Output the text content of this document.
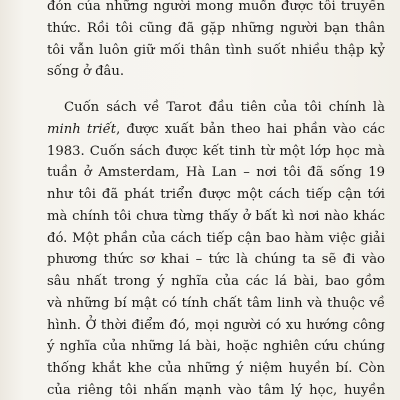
đón của những người mong muốn được tôi truyền
thức. Rồi tôi cũng đã gặp những người bạn thân
tôi vẫn luôn giữ mối thân tình suốt nhiều thập kỷ
sống ở đâu.
Cuốn sách về Tarot đầu tiên của tôi chính là
minh triết, được xuất bản theo hai phần vào các
1983. Cuốn sách được kết tinh từ một lớp học mà
tuần ở Amsterdam, Hà Lan – nơi tôi đã sống 19
như tôi đã phát triển được một cách tiếp cận tới
mà chính tôi chưa từng thấy ở bất kì nơi nào khác
đó. Một phần của cách tiếp cận bao hàm việc giải
phương thức sơ khai – tức là chúng ta sẽ đi vào
sâu nhất trong ý nghĩa của các lá bài, bao gồm
và những bí mật có tính chất tâm linh và thuộc về
hình. Ở thời điểm đó, mọi người có xu hướng công
ý nghĩa của những lá bài, hoặc nghiên cứu chúng
thống khắt khe của những ý niệm huyền bí. Còn
của riêng tôi nhấn mạnh vào tâm lý học, huyền
